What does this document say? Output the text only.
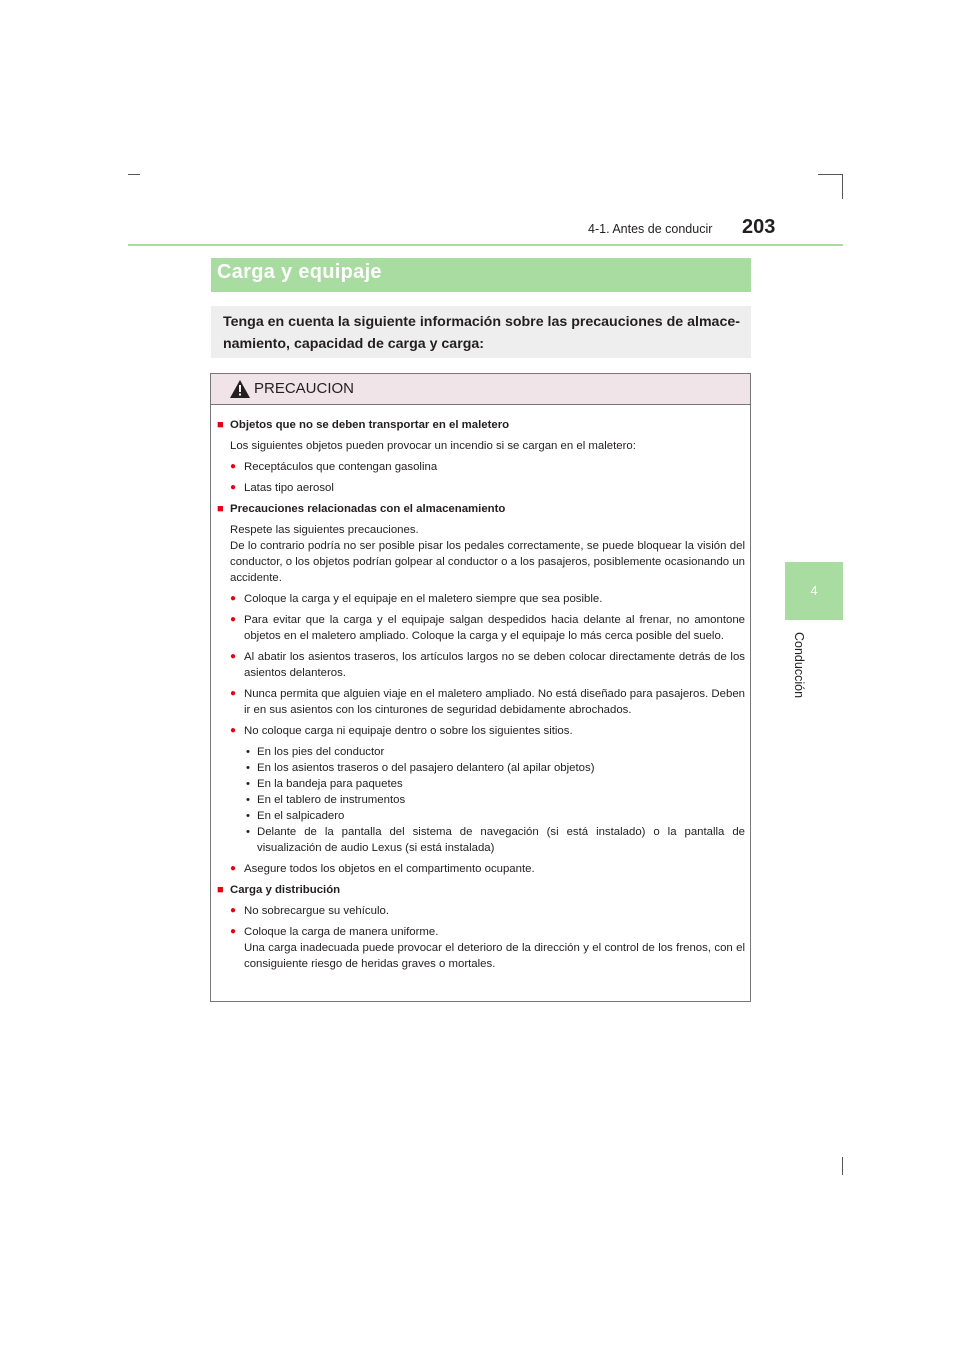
4-1. Antes de conducir 203
4
Conducción
Carga y equipaje
Tenga en cuenta la siguiente información sobre las precauciones de almacenamiento, capacidad de carga y carga:
PRECAUCION
■ Objetos que no se deben transportar en el maletero
Los siguientes objetos pueden provocar un incendio si se cargan en el maletero:
● Receptáculos que contengan gasolina
● Latas tipo aerosol
■ Precauciones relacionadas con el almacenamiento
Respete las siguientes precauciones.
De lo contrario podría no ser posible pisar los pedales correctamente, se puede bloquear la visión del conductor, o los objetos podrían golpear al conductor o a los pasajeros, posiblemente ocasionando un accidente.
● Coloque la carga y el equipaje en el maletero siempre que sea posible.
● Para evitar que la carga y el equipaje salgan despedidos hacia delante al frenar, no amontone objetos en el maletero ampliado. Coloque la carga y el equipaje lo más cerca posible del suelo.
● Al abatir los asientos traseros, los artículos largos no se deben colocar directamente detrás de los asientos delanteros.
● Nunca permita que alguien viaje en el maletero ampliado. No está diseñado para pasajeros. Deben ir en sus asientos con los cinturones de seguridad debidamente abrochados.
● No coloque carga ni equipaje dentro o sobre los siguientes sitios.
• En los pies del conductor
• En los asientos traseros o del pasajero delantero (al apilar objetos)
• En la bandeja para paquetes
• En el tablero de instrumentos
• En el salpicadero
• Delante de la pantalla del sistema de navegación (si está instalado) o la pantalla de visualización de audio Lexus (si está instalada)
● Asegure todos los objetos en el compartimento ocupante.
■ Carga y distribución
● No sobrecargue su vehículo.
● Coloque la carga de manera uniforme.
Una carga inadecuada puede provocar el deterioro de la dirección y el control de los frenos, con el consiguiente riesgo de heridas graves o mortales.
